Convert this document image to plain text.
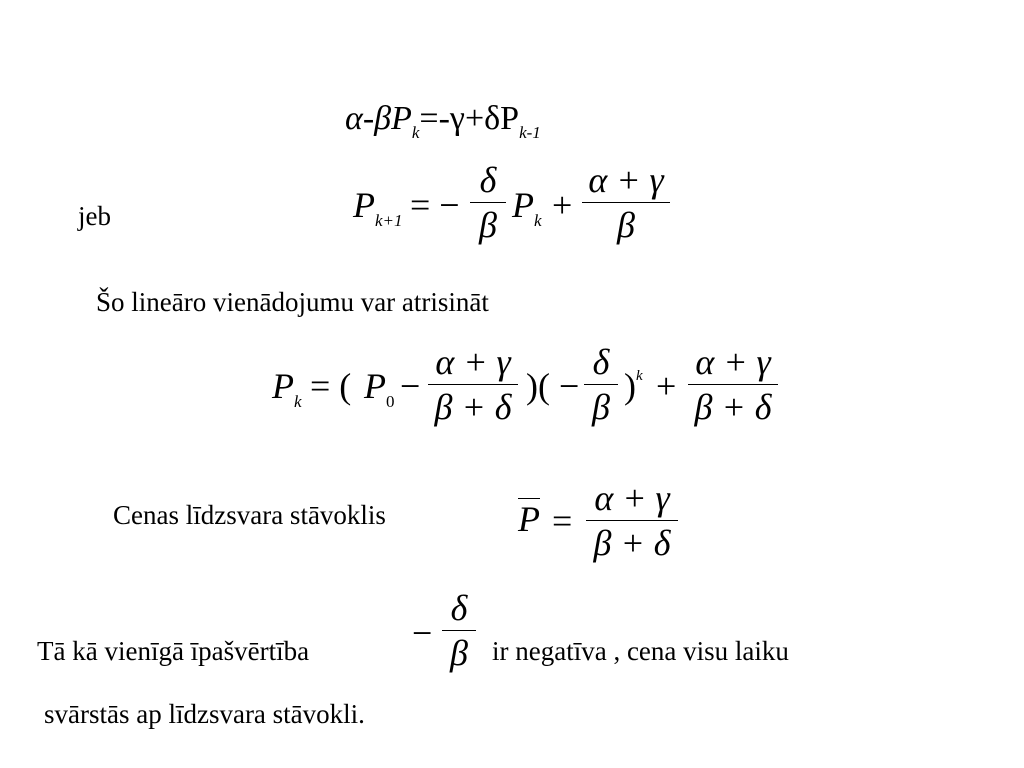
$\alpha-\beta P_k=-\gamma+\delta P_{k-1}$
jeb	$P_{k+1}$ = −
δ
β $P_k$ +
α + γ
β
Šo lineāro vienādojumu var atrisināt
$P_k$ = ( $P_0$ −
α + γ
β + δ
)( −
δ
β
)$^k$ +
α + γ
β + δ
Cenas līdzsvara stāvoklis	P =
α + γ
β + δ
Tā kā vienīgā īpašvērtība	−
δ
β ir negatīva , cena visu laiku
svārstās ap līdzsvara stāvokli.
